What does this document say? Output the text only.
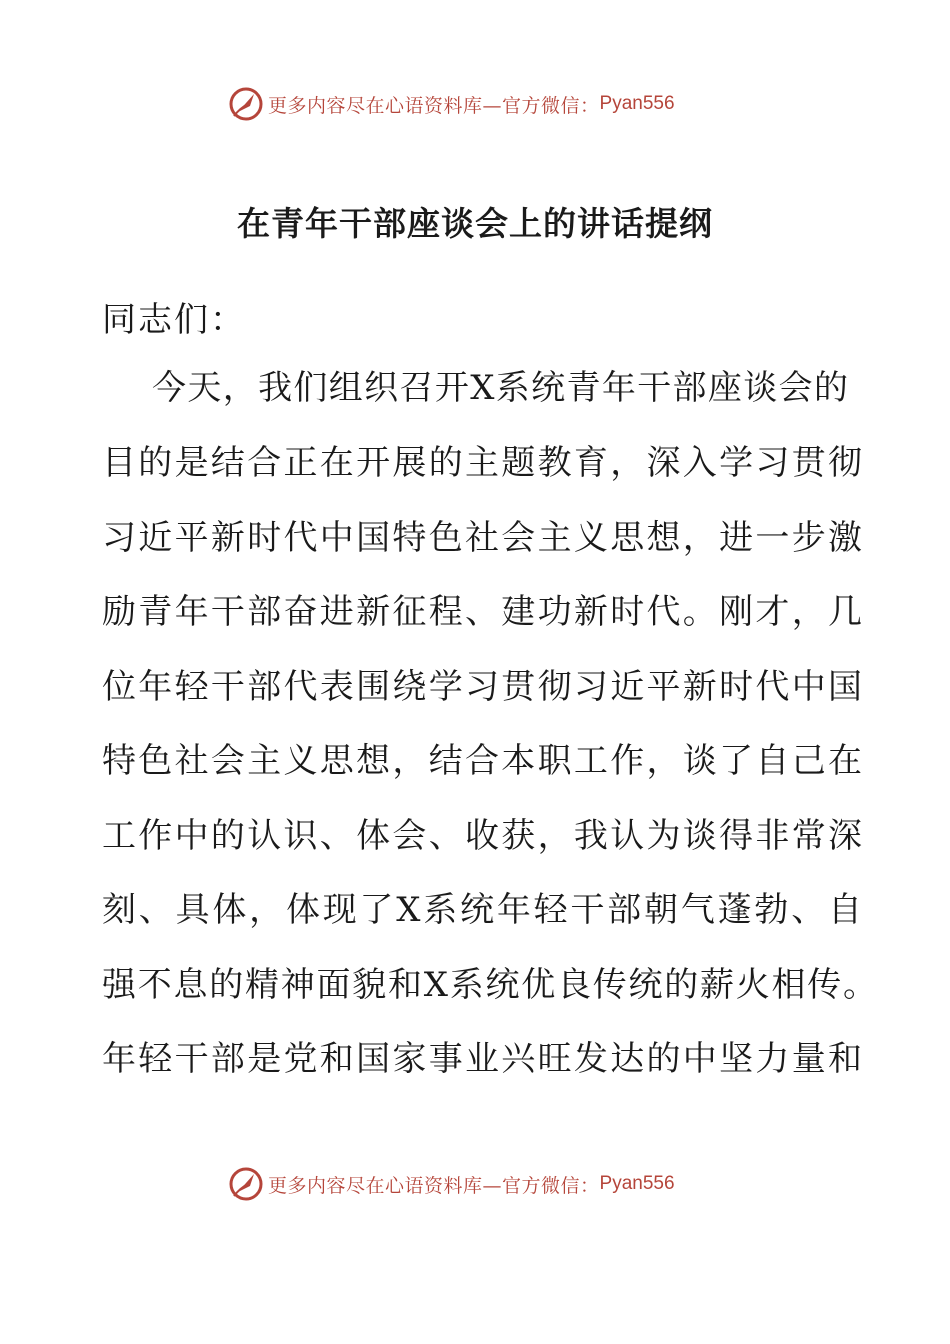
更多内容尽在心语资料库—官方微信： Pyan556
在青年干部座谈会上的讲话提纲
同志们：
今天，我们组织召开X系统青年干部座谈会的
目的是结合正在开展的主题教育，深入学习贯彻
习近平新时代中国特色社会主义思想，进一步激
励青年干部奋进新征程、建功新时代。刚才，几
位年轻干部代表围绕学习贯彻习近平新时代中国
特色社会主义思想，结合本职工作，谈了自己在
工作中的认识、体会、收获，我认为谈得非常深
刻、具体，体现了X系统年轻干部朝气蓬勃、自
强不息的精神面貌和X系统优良传统的薪火相传。
年轻干部是党和国家事业兴旺发达的中坚力量和
更多内容尽在心语资料库—官方微信： Pyan556
